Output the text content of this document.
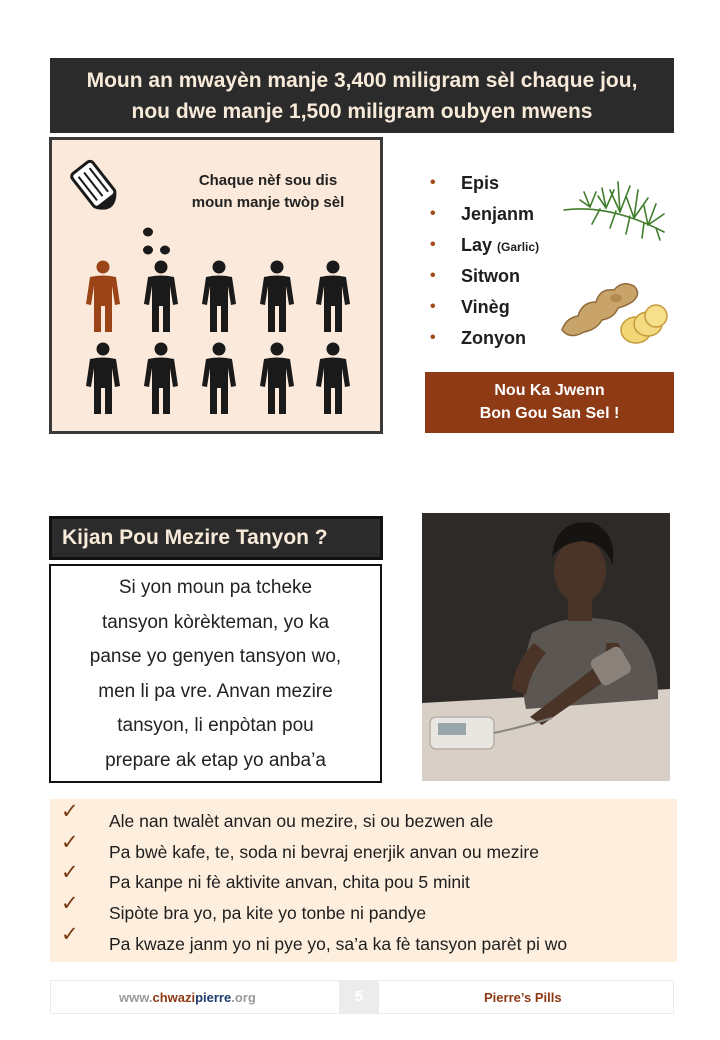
Moun an mwayèn manje 3,400 miligram sèl chaque jou,
nou dwe manje 1,500 miligram oubyen mwens
Chaque nèf sou dis
moun manje twòp sèl
• Epis
• Jenjanm
• Lay (Garlic)
• Sitwon
• Vinèg
• Zonyon
Nou Ka Jwenn
Bon Gou San Sel !
Kijan Pou Mezire Tanyon ?
Si yon moun pa tcheke
tansyon kòrèkteman, yo ka
panse yo genyen tansyon wo,
men li pa vre. Anvan mezire
tansyon, li enpòtan pou
prepare ak etap yo anba’a
✓ Ale nan twalèt anvan ou mezire, si ou bezwen ale
✓ Pa bwè kafe, te, soda ni bevraj enerjik anvan ou mezire
✓ Pa kanpe ni fè aktivite anvan, chita pou 5 minit
✓ Sipòte bra yo, pa kite yo tonbe ni pandye
✓ Pa kwaze janm yo ni pye yo, sa’a ka fè tansyon parèt pi wo
www.chwazipierre.org	5	Pierre’s Pills
